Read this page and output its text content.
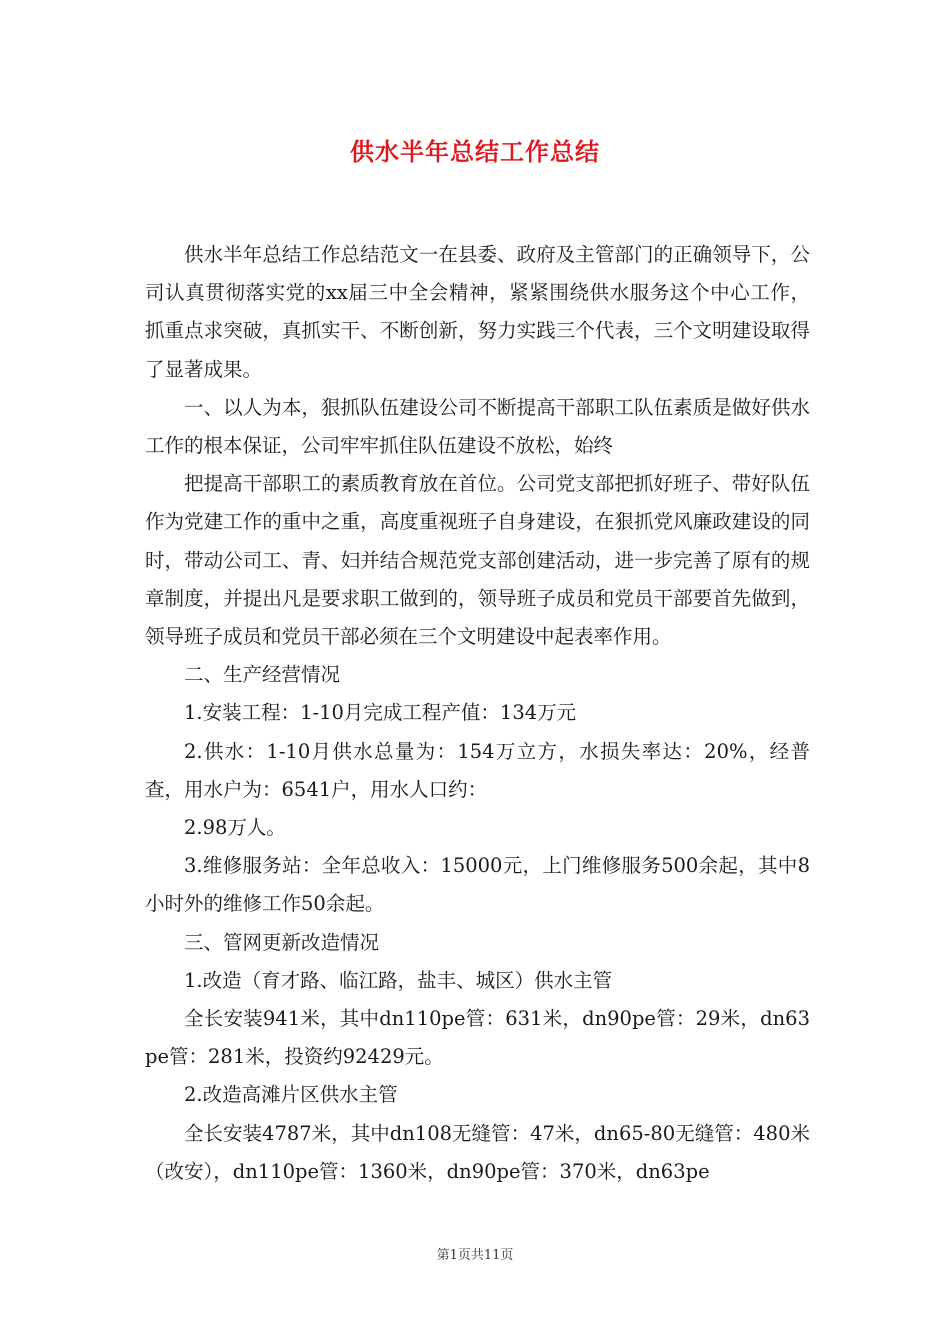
供水半年总结工作总结

供水半年总结工作总结范文一在县委、政府及主管部门的正确领导下，公司认真贯彻落实党的xx届三中全会精神，紧紧围绕供水服务这个中心工作，抓重点求突破，真抓实干、不断创新，努力实践三个代表，三个文明建设取得了显著成果。

一、以人为本，狠抓队伍建设公司不断提高干部职工队伍素质是做好供水工作的根本保证，公司牢牢抓住队伍建设不放松，始终

把提高干部职工的素质教育放在首位。公司党支部把抓好班子、带好队伍作为党建工作的重中之重，高度重视班子自身建设，在狠抓党风廉政建设的同时，带动公司工、青、妇并结合规范党支部创建活动，进一步完善了原有的规章制度，并提出凡是要求职工做到的，领导班子成员和党员干部要首先做到，领导班子成员和党员干部必须在三个文明建设中起表率作用。

二、生产经营情况

1.安装工程：1-10月完成工程产值：134万元

2.供水：1-10月供水总量为：154万立方，水损失率达：20%，经普查，用水户为：6541户，用水人口约：

2.98万人。

3.维修服务站：全年总收入：15000元，上门维修服务500余起，其中8小时外的维修工作50余起。

三、管网更新改造情况

1.改造（育才路、临江路，盐丰、城区）供水主管

全长安装941米，其中dn110pe管：631米，dn90pe管：29米，dn63pe管：281米，投资约92429元。

2.改造高滩片区供水主管

全长安装4787米，其中dn108无缝管：47米，dn65-80无缝管：480米（改安），dn110pe管：1360米，dn90pe管：370米，dn63pe

第1页共11页
